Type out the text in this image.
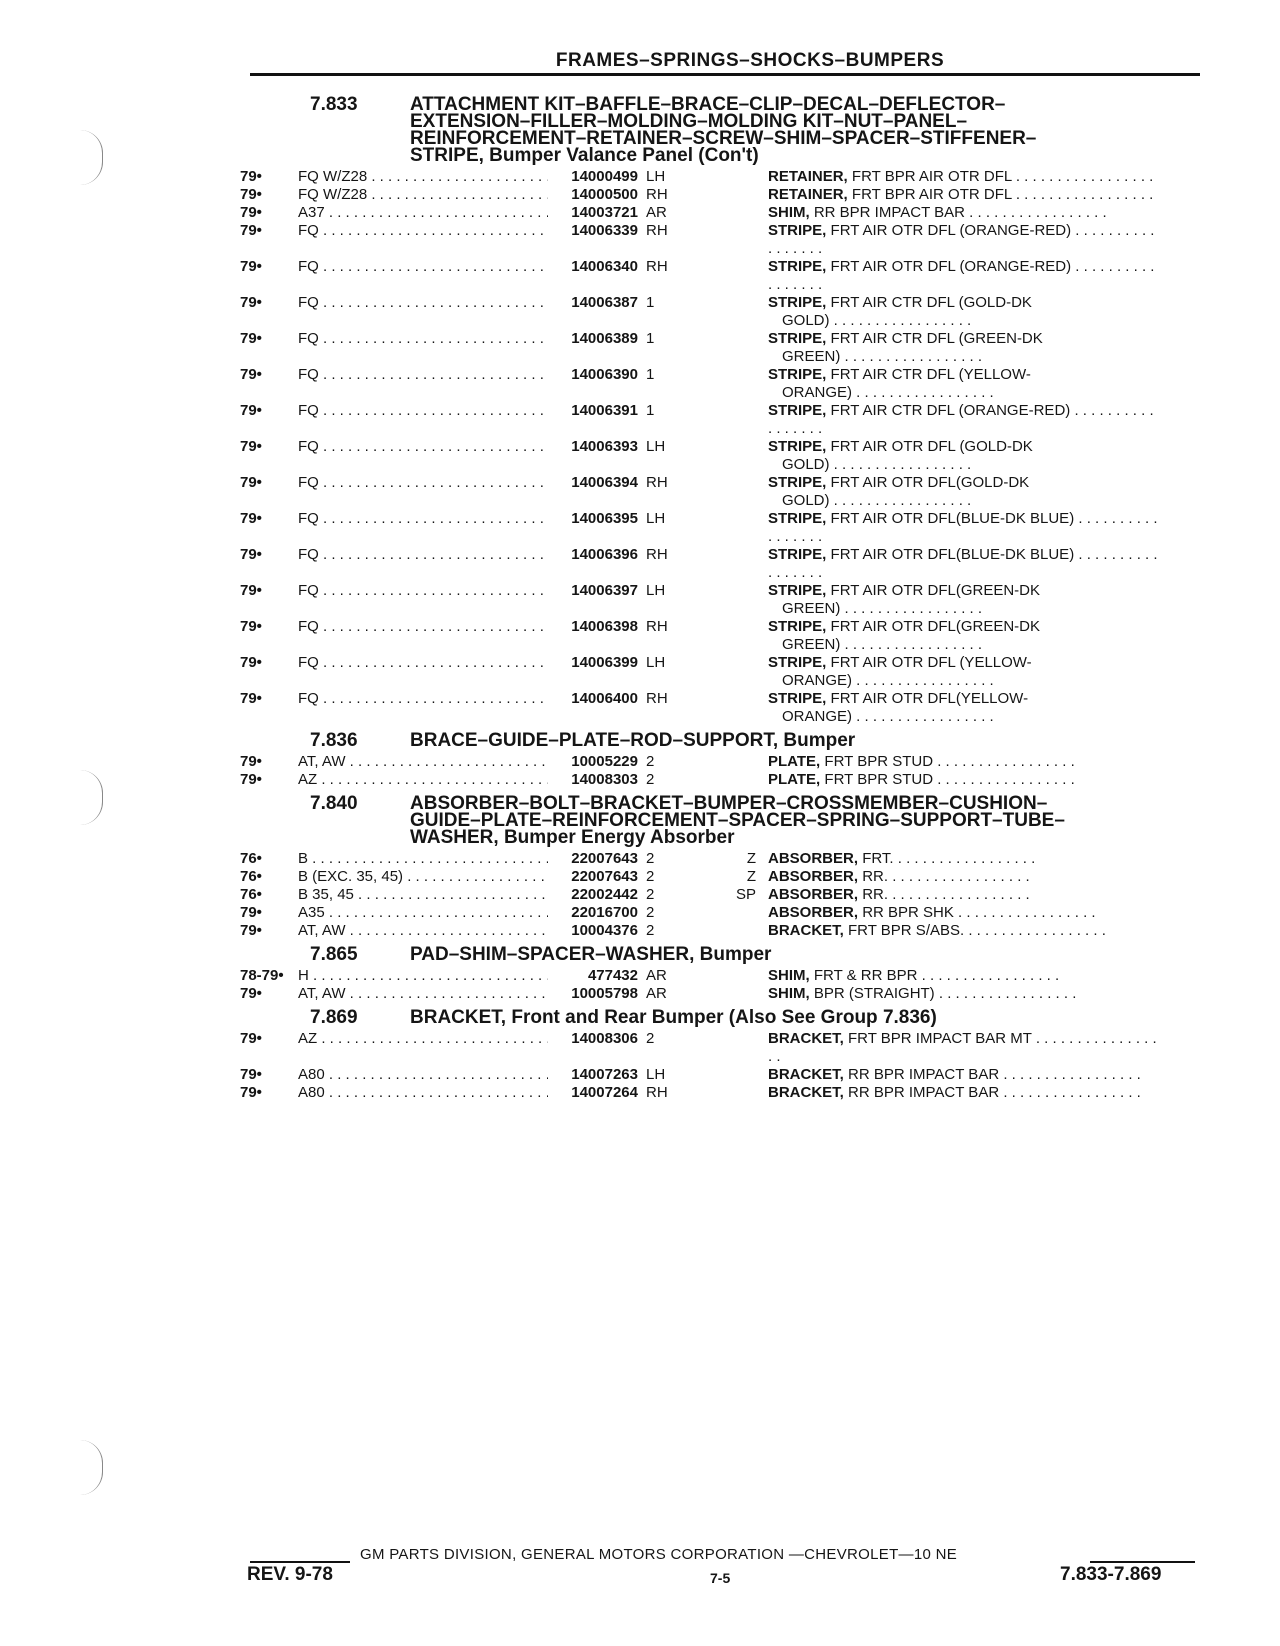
FRAMES–SPRINGS–SHOCKS–BUMPERS
7.833	ATTACHMENT KIT–BAFFLE–BRACE–CLIP–DECAL–DEFLECTOR–
EXTENSION–FILLER–MOLDING–MOLDING KIT–NUT–PANEL–
REINFORCEMENT–RETAINER–SCREW–SHIM–SPACER–STIFFENER–
STRIPE, Bumper Valance Panel (Con't)
79•	FQ W/Z28 . . .	14000499 LH	RETAINER, FRT BPR AIR OTR DFL . . .
79•	FQ W/Z28 . . .	14000500 RH	RETAINER, FRT BPR AIR OTR DFL . . .
79•	A37 . . .	14003721 AR	SHIM, RR BPR IMPACT BAR . . .
79•	FQ . . .	14006339 RH	STRIPE, FRT AIR OTR DFL (ORANGE-RED) . . .
79•	FQ . . .	14006340 RH	STRIPE, FRT AIR OTR DFL (ORANGE-RED) . . .
79•	FQ . . .	14006387 1	STRIPE, FRT AIR CTR DFL (GOLD-DK
GOLD) . . .
79•	FQ . . .	14006389 1	STRIPE, FRT AIR CTR DFL (GREEN-DK
GREEN) . . .
79•	FQ . . .	14006390 1	STRIPE, FRT AIR CTR DFL (YELLOW-
ORANGE) . . .
79•	FQ . . .	14006391 1	STRIPE, FRT AIR CTR DFL (ORANGE-RED) . . .
79•	FQ . . .	14006393 LH	STRIPE, FRT AIR OTR DFL (GOLD-DK
GOLD) . . .
79•	FQ . . .	14006394 RH	STRIPE, FRT AIR OTR DFL(GOLD-DK
GOLD) . . .
79•	FQ . . .	14006395 LH	STRIPE, FRT AIR OTR DFL(BLUE-DK BLUE) . . .
79•	FQ . . .	14006396 RH	STRIPE, FRT AIR OTR DFL(BLUE-DK BLUE) . . .
79•	FQ . . .	14006397 LH	STRIPE, FRT AIR OTR DFL(GREEN-DK
GREEN) . . .
79•	FQ . . .	14006398 RH	STRIPE, FRT AIR OTR DFL(GREEN-DK
GREEN) . . .
79•	FQ . . .	14006399 LH	STRIPE, FRT AIR OTR DFL (YELLOW-
ORANGE) . . .
79•	FQ . . .	14006400 RH	STRIPE, FRT AIR OTR DFL(YELLOW-
ORANGE) . . .
7.836	BRACE–GUIDE–PLATE–ROD–SUPPORT, Bumper
79•	AT, AW . . .	10005229 2	PLATE, FRT BPR STUD . . .
79•	AZ . . .	14008303 2	PLATE, FRT BPR STUD . . .
7.840	ABSORBER–BOLT–BRACKET–BUMPER–CROSSMEMBER–CUSHION–
GUIDE–PLATE–REINFORCEMENT–SPACER–SPRING–SUPPORT–TUBE–
WASHER, Bumper Energy Absorber
76•	B . . .	22007643 2	Z ABSORBER, FRT. . . .
76•	B (EXC. 35, 45) . . .	22007643 2	Z ABSORBER, RR. . . .
76•	B 35, 45 . . .	22002442 2	SP ABSORBER, RR. . . .
79•	A35 . . .	22016700 2	ABSORBER, RR BPR SHK . . .
79•	AT, AW . . .	10004376 2	BRACKET, FRT BPR S/ABS. . . .
7.865	PAD–SHIM–SPACER–WASHER, Bumper
78-79• H . . .	477432 AR	SHIM, FRT & RR BPR . . .
79•	AT, AW . . .	10005798 AR	SHIM, BPR (STRAIGHT) . . .
7.869	BRACKET, Front and Rear Bumper (Also See Group 7.836)
79•	AZ . . .	14008306 2	BRACKET, FRT BPR IMPACT BAR MT . . .
79•	A80 . . .	14007263 LH	BRACKET, RR BPR IMPACT BAR . . .
79•	A80 . . .	14007264 RH	BRACKET, RR BPR IMPACT BAR . . .
GM PARTS DIVISION, GENERAL MOTORS CORPORATION —CHEVROLET—10 NE
REV. 9-78	7-5	7.833-7.869
